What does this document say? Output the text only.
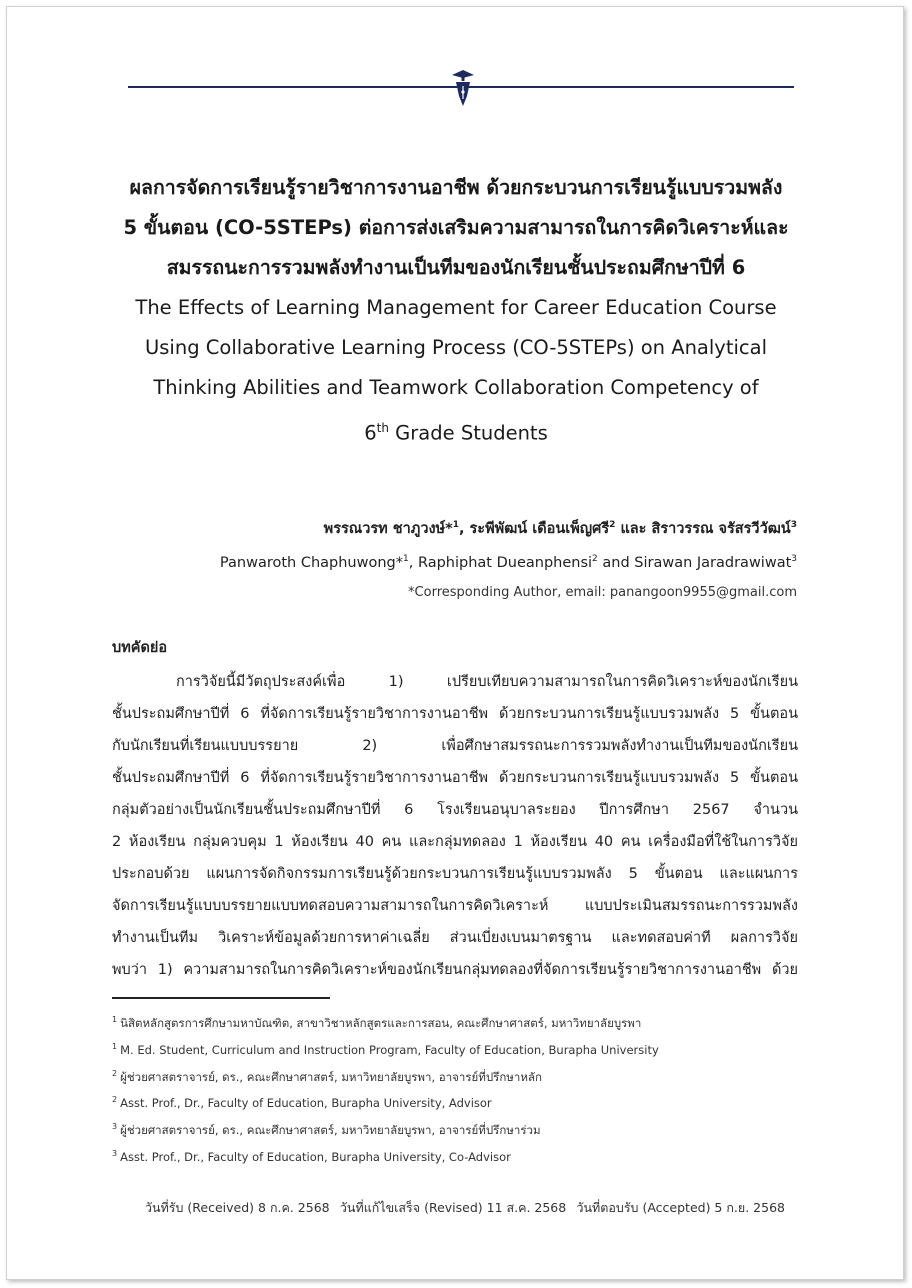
ผลการจัดการเรียนรู้รายวิชาการงานอาชีพ ด้วยกระบวนการเรียนรู้แบบรวมพลัง
5 ขั้นตอน (CO-5STEPs) ต่อการส่งเสริมความสามารถในการคิดวิเคราะห์และ
สมรรถนะการรวมพลังทำงานเป็นทีมของนักเรียนชั้นประถมศึกษาปีที่ 6
The Effects of Learning Management for Career Education Course
Using Collaborative Learning Process (CO-5STEPs) on Analytical
Thinking Abilities and Teamwork Collaboration Competency of
6th Grade Students
พรรณวรท ชาภูวงษ์*$^1$, ระพีพัฒน์ เดือนเพ็ญศรี$^2$ และ สิราวรรณ จรัสรวีวัฒน์$^3$
Panwaroth Chaphuwong*$^1$, Raphiphat Dueanphensi$^2$ and Sirawan Jaradrawiwat$^3$
*Corresponding Author, email: panangoon9955@gmail.com
บทคัดย่อ
การวิจัยนี้มีวัตถุประสงค์เพื่อ 1) เปรียบเทียบความสามารถในการคิดวิเคราะห์ของนักเรียน
ชั้นประถมศึกษาปีที่ 6 ที่จัดการเรียนรู้รายวิชาการงานอาชีพ ด้วยกระบวนการเรียนรู้แบบรวมพลัง 5 ขั้นตอน
กับนักเรียนที่เรียนแบบบรรยาย 2) เพื่อศึกษาสมรรถนะการรวมพลังทำงานเป็นทีมของนักเรียน
ชั้นประถมศึกษาปีที่ 6 ที่จัดการเรียนรู้รายวิชาการงานอาชีพ ด้วยกระบวนการเรียนรู้แบบรวมพลัง 5 ขั้นตอน
กลุ่มตัวอย่างเป็นนักเรียนชั้นประถมศึกษาปีที่ 6 โรงเรียนอนุบาลระยอง ปีการศึกษา 2567 จำนวน
2 ห้องเรียน กลุ่มควบคุม 1 ห้องเรียน 40 คน และกลุ่มทดลอง 1 ห้องเรียน 40 คน เครื่องมือที่ใช้ในการวิจัย
ประกอบด้วย แผนการจัดกิจกรรมการเรียนรู้ด้วยกระบวนการเรียนรู้แบบรวมพลัง 5 ขั้นตอน และแผนการ
จัดการเรียนรู้แบบบรรยายแบบทดสอบความสามารถในการคิดวิเคราะห์ แบบประเมินสมรรถนะการรวมพลัง
ทำงานเป็นทีม วิเคราะห์ข้อมูลด้วยการหาค่าเฉลี่ย ส่วนเบี่ยงเบนมาตรฐาน และทดสอบค่าที ผลการวิจัย
พบว่า 1) ความสามารถในการคิดวิเคราะห์ของนักเรียนกลุ่มทดลองที่จัดการเรียนรู้รายวิชาการงานอาชีพ ด้วย
$^1$ นิสิตหลักสูตรการศึกษามหาบัณฑิต, สาขาวิชาหลักสูตรและการสอน, คณะศึกษาศาสตร์, มหาวิทยาลัยบูรพา
$^1$ M. Ed. Student, Curriculum and Instruction Program, Faculty of Education, Burapha University
$^2$ ผู้ช่วยศาสตราจารย์, ดร., คณะศึกษาศาสตร์, มหาวิทยาลัยบูรพา, อาจารย์ที่ปรึกษาหลัก
$^2$ Asst. Prof., Dr., Faculty of Education, Burapha University, Advisor
$^3$ ผู้ช่วยศาสตราจารย์, ดร., คณะศึกษาศาสตร์, มหาวิทยาลัยบูรพา, อาจารย์ที่ปรึกษาร่วม
$^3$ Asst. Prof., Dr., Faculty of Education, Burapha University, Co-Advisor
วันที่รับ (Received) 8 ก.ค. 2568 วันที่แก้ไขเสร็จ (Revised) 11 ส.ค. 2568 วันที่ตอบรับ (Accepted) 5 ก.ย. 2568
